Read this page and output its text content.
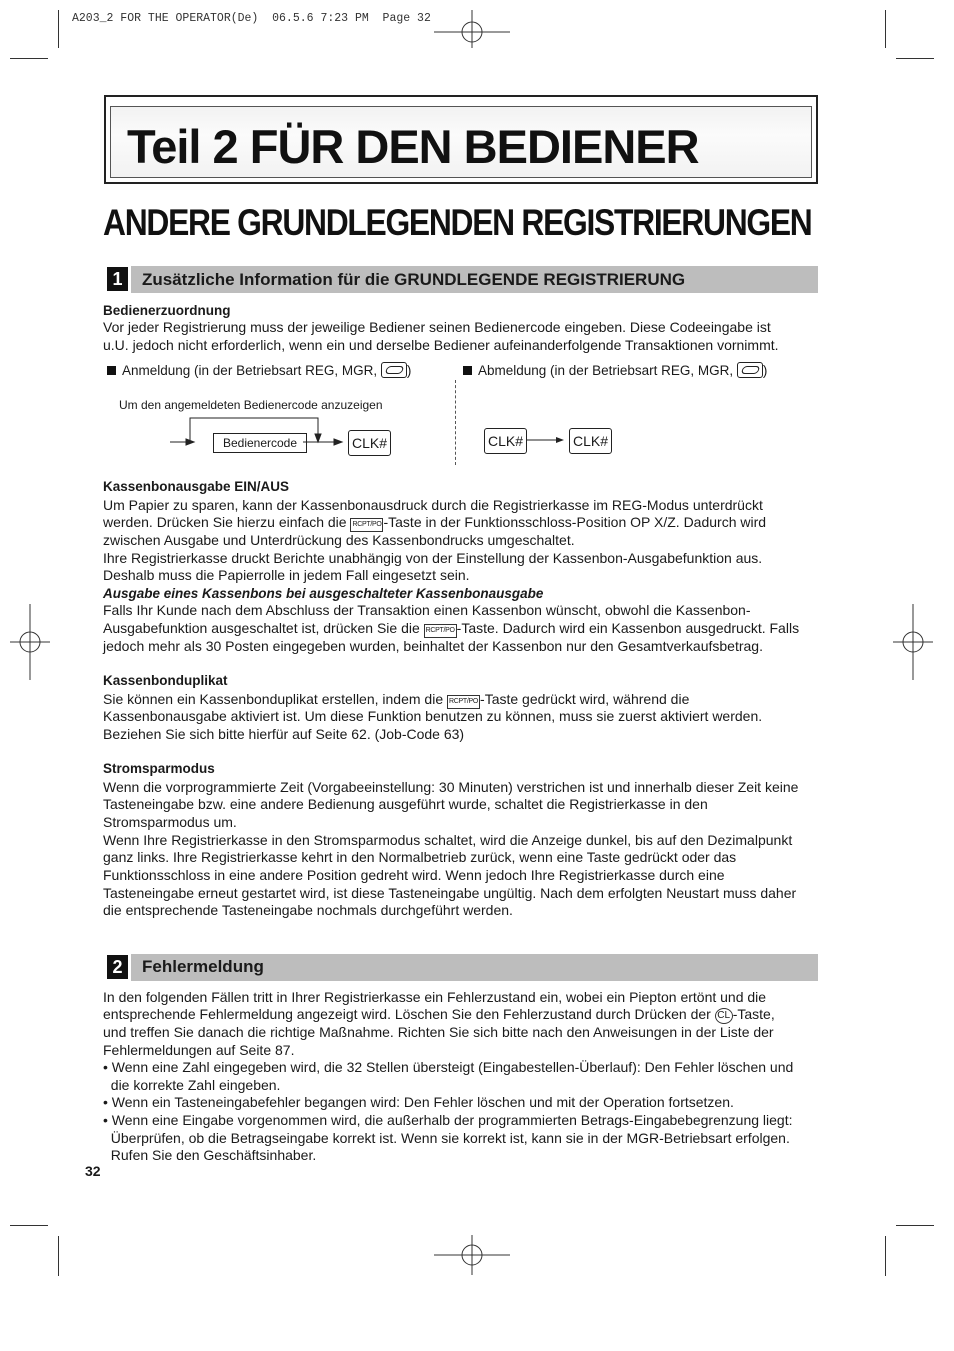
A203_2 FOR THE OPERATOR(De)  06.5.6 7:23 PM  Page 32
Teil 2 FÜR DEN BEDIENER
ANDERE GRUNDLEGENDEN REGISTRIERUNGEN
1	Zusätzliche Information für die GRUNDLEGENDE REGISTRIERUNG
Bedienerzuordnung
Vor jeder Registrierung muss der jeweilige Bediener seinen Bedienercode eingeben. Diese Codeeingabe ist
u.U. jedoch nicht erforderlich, wenn ein und derselbe Bediener aufeinanderfolgende Transaktionen vornimmt.
Anmeldung (in der Betriebsart REG, MGR, )	Abmeldung (in der Betriebsart REG, MGR, )
Um den angemeldeten Bedienercode anzuzeigen
Bedienercode	CLK#	CLK#	CLK#
Kassenbonausgabe EIN/AUS
Um Papier zu sparen, kann der Kassenbonausdruck durch die Registrierkasse im REG-Modus unterdrückt
werden. Drücken Sie hierzu einfach die RCPT/PO -Taste in der Funktionsschloss-Position OP X/Z. Dadurch wird
zwischen Ausgabe und Unterdrückung des Kassenbondrucks umgeschaltet.
Ihre Registrierkasse druckt Berichte unabhängig von der Einstellung der Kassenbon-Ausgabefunktion aus.
Deshalb muss die Papierrolle in jedem Fall eingesetzt sein.
Ausgabe eines Kassenbons bei ausgeschalteter Kassenbonausgabe
Falls Ihr Kunde nach dem Abschluss der Transaktion einen Kassenbon wünscht, obwohl die Kassenbon-
Ausgabefunktion ausgeschaltet ist, drücken Sie die RCPT/PO -Taste. Dadurch wird ein Kassenbon ausgedruckt. Falls
jedoch mehr als 30 Posten eingegeben wurden, beinhaltet der Kassenbon nur den Gesamtverkaufsbetrag.
Kassenbonduplikat
Sie können ein Kassenbonduplikat erstellen, indem die RCPT/PO -Taste gedrückt wird, während die
Kassenbonausgabe aktiviert ist. Um diese Funktion benutzen zu können, muss sie zuerst aktiviert werden.
Beziehen Sie sich bitte hierfür auf Seite 62. (Job-Code 63)
Stromsparmodus
Wenn die vorprogrammierte Zeit (Vorgabeeinstellung: 30 Minuten) verstrichen ist und innerhalb dieser Zeit keine
Tasteneingabe bzw. eine andere Bedienung ausgeführt wurde, schaltet die Registrierkasse in den
Stromsparmodus um.
Wenn Ihre Registrierkasse in den Stromsparmodus schaltet, wird die Anzeige dunkel, bis auf den Dezimalpunkt
ganz links. Ihre Registrierkasse kehrt in den Normalbetrieb zurück, wenn eine Taste gedrückt oder das
Funktionsschloss in eine andere Position gedreht wird. Wenn jedoch Ihre Registrierkasse durch eine
Tasteneingabe erneut gestartet wird, ist diese Tasteneingabe ungültig. Nach dem erfolgten Neustart muss daher
die entsprechende Tasteneingabe nochmals durchgeführt werden.
2	Fehlermeldung
In den folgenden Fällen tritt in Ihrer Registrierkasse ein Fehlerzustand ein, wobei ein Piepton ertönt und die
entsprechende Fehlermeldung angezeigt wird. Löschen Sie den Fehlerzustand durch Drücken der CL -Taste,
und treffen Sie danach die richtige Maßnahme. Richten Sie sich bitte nach den Anweisungen in der Liste der
Fehlermeldungen auf Seite 87.
• Wenn eine Zahl eingegeben wird, die 32 Stellen übersteigt (Eingabestellen-Überlauf): Den Fehler löschen und
die korrekte Zahl eingeben.
• Wenn ein Tasteneingabefehler begangen wird: Den Fehler löschen und mit der Operation fortsetzen.
• Wenn eine Eingabe vorgenommen wird, die außerhalb der programmierten Betrags-Eingabebegrenzung liegt:
Überprüfen, ob die Betragseingabe korrekt ist. Wenn sie korrekt ist, kann sie in der MGR-Betriebsart erfolgen.
Rufen Sie den Geschäftsinhaber.
32
